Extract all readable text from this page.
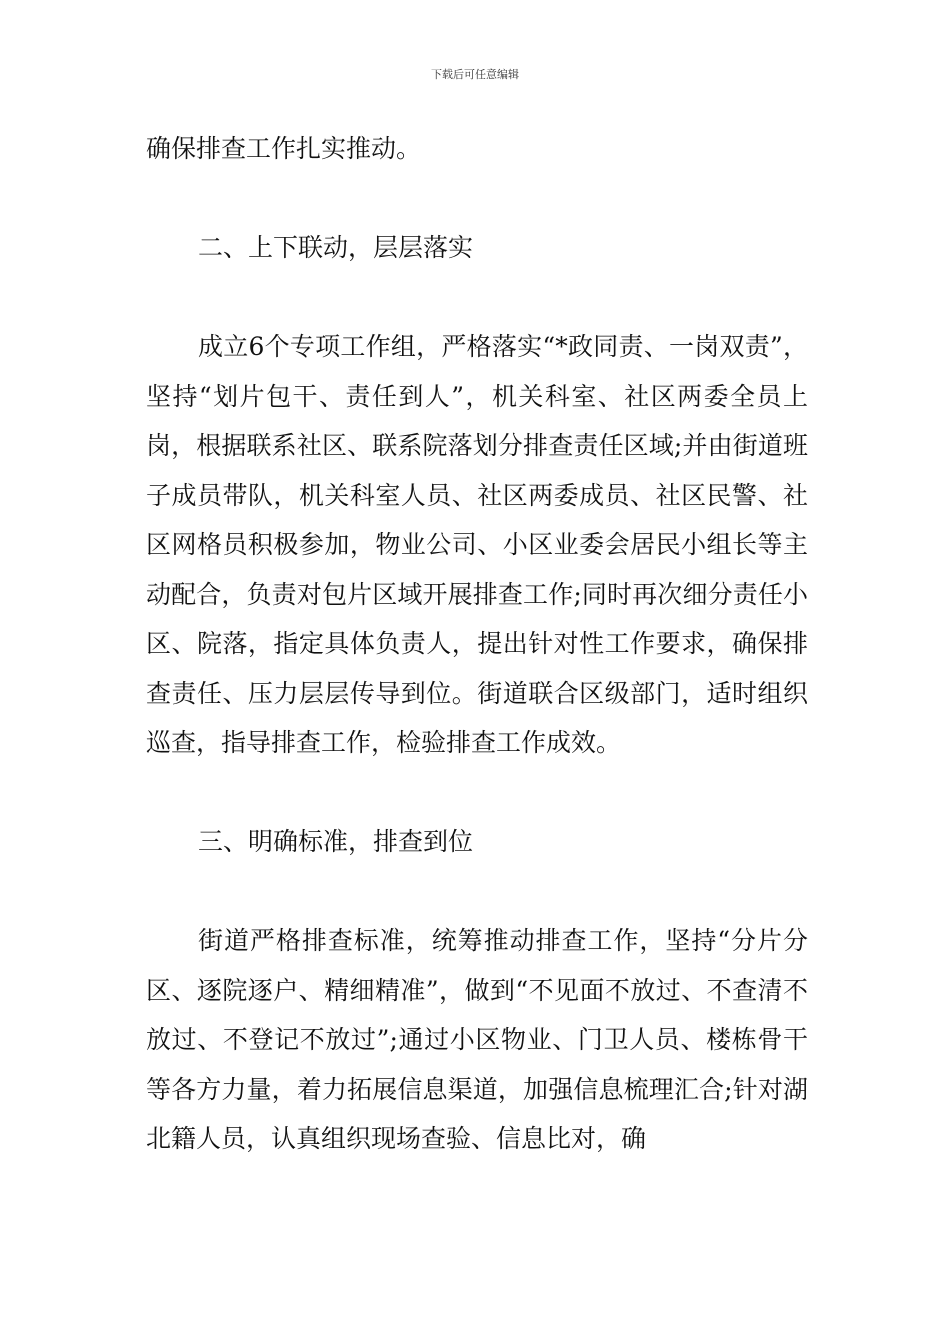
下载后可任意编辑

确保排查工作扎实推动。

二、上下联动，层层落实

成立6个专项工作组，严格落实“*政同责、一岗双责”，坚持“划片包干、责任到人”，机关科室、社区两委全员上岗，根据联系社区、联系院落划分排查责任区域;并由街道班子成员带队，机关科室人员、社区两委成员、社区民警、社区网格员积极参加，物业公司、小区业委会居民小组长等主动配合，负责对包片区域开展排查工作;同时再次细分责任小区、院落，指定具体负责人，提出针对性工作要求，确保排查责任、压力层层传导到位。街道联合区级部门，适时组织巡查，指导排查工作，检验排查工作成效。

三、明确标准，排查到位

街道严格排查标准，统筹推动排查工作，坚持“分片分区、逐院逐户、精细精准”，做到“不见面不放过、不查清不放过、不登记不放过”;通过小区物业、门卫人员、楼栋骨干等各方力量，着力拓展信息渠道，加强信息梳理汇合;针对湖北籍人员，认真组织现场查验、信息比对，确
